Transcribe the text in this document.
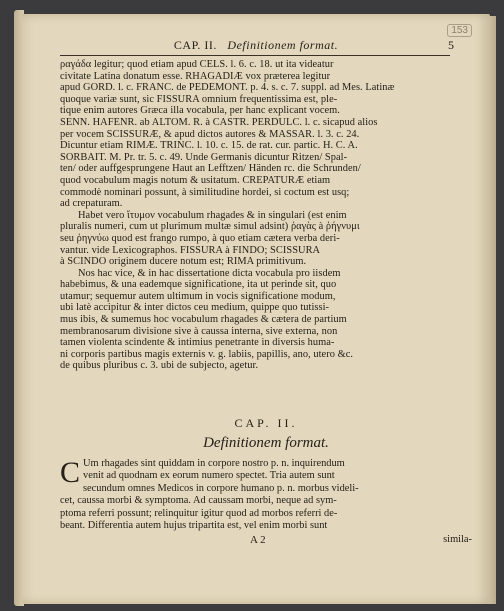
153
CAP. II. Definitionem format.	5
ραγάδα legitur; quod etiam apud CELS. l. 6. c. 18. ut ita videatur
civitate Latina donatum esse. RHAGADIÆ vox præterea legitur
apud GORD. l. c. FRANC. de PEDEMONT. p. 4. s. c. 7. suppl. ad Mes. Latinæ
quoque variæ sunt, sic FISSURA omnium frequentissima est, ple-
tique enim autores Græca illa vocabula, per hanc explicant vocem.
SENN. HAFENR. ab ALTOM. R. à CASTR. PERDULC. l. c. sicapud alios
per vocem SCISSURÆ, & apud dictos autores & MASSAR. l. 3. c. 24.
Dicuntur etiam RIMÆ. TRINC. l. 10. c. 15. de rat. cur. partic. H. C. A.
SORBAIT. M. Pr. tr. 5. c. 49. Unde Germanis dicuntur Ritzen/ Spal-
ten/ oder auffgesprungene Haut an Lefftzen/ Händen rc. die Schrunden/
quod vocabulum magis notum & usitatum. CREPATURÆ etiam
commodè nominari possunt, à similitudine hordei, si coctum est usq;
ad crepaturam.
Habet vero ἴτυμον vocabulum rhagades & in singulari (est enim
pluralis numeri, cum ut plurimum multæ simul adsint) ῥαγὰς à ῥήγνυμι
seu ῥηγνύω quod est frango rumpo, à quo etiam cætera verba deri-
vantur. vide Lexicographos. FISSURA à FINDO; SCISSURA
à SCINDO originem ducere notum est; RIMA primitivum.
Nos hac vice, & in hac dissertatione dicta vocabula pro iisdem
habebimus, & una eademque significatione, ita ut perinde sit, quo
utamur; sequemur autem ultimum in vocis significatione modum,
ubi latè accipitur & inter dictos ceu medium, quippe quo tutissi-
mus ibis, & sumemus hoc vocabulum rhagades & cætera de partium
membranosarum divisione sive à caussa interna, sive externa, non
tamen violenta scindente & intimius penetrante in diversis huma-
ni corporis partibus magis externis v. g. labiis, papillis, ano, utero &c.
de quibus pluribus c. 3. ubi de subjecto, agetur.
CAP. II.
Definitionem format.
C Um rhagades sint quiddam in corpore nostro p. n. inquirendum
venit ad quodnam ex eorum numero spectet. Tria autem sunt
secundum omnes Medicos in corpore humano p. n. morbus videli-
cet, caussa morbi & symptoma. Ad caussam morbi, neque ad sym-
ptoma referri possunt; relinquitur igitur quod ad morbos referri de-
beant. Differentia autem hujus tripartita est, vel enim morbi sunt
A 2	simila-
